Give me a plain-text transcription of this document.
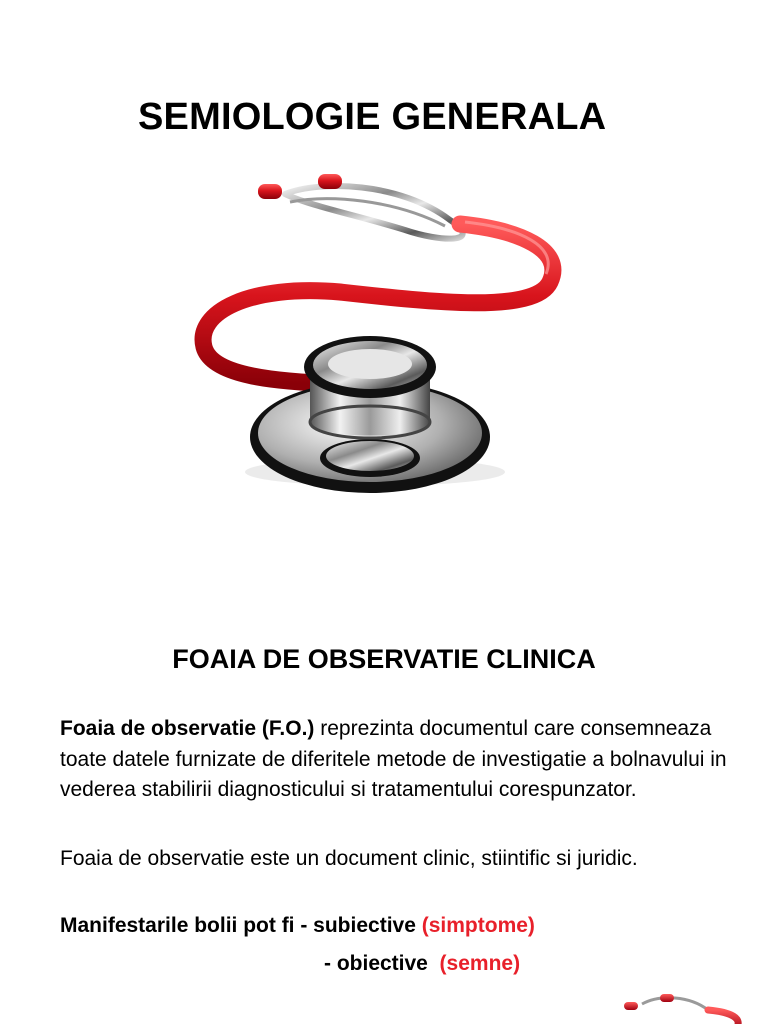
SEMIOLOGIE GENERALA
FOAIA DE OBSERVATIE CLINICA
Foaia de observatie (F.O.) reprezinta documentul care consemneaza toate datele furnizate de diferitele metode de investigatie a bolnavului in vederea stabilirii diagnosticului si tratamentului corespunzator.
Foaia de observatie este un document clinic, stiintific si juridic.
Manifestarile bolii pot fi - subiective (simptome)
- obiective (semne)
